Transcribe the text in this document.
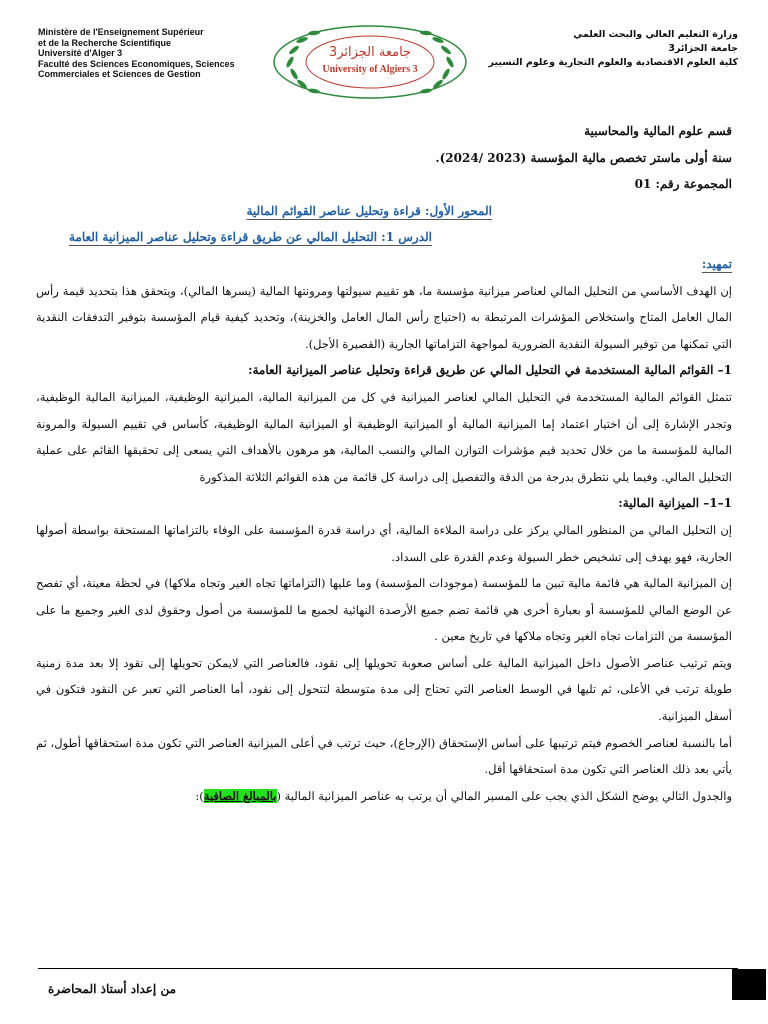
Ministère de l'Enseignement Supérieur
et de la Recherche Scientifique
Université d'Alger 3
Faculté des Sciences Economiques, Sciences
Commerciales et Sciences de Gestion
جامعة الجزائر3
University of Algiers 3
وزارة التعليم العالي والبحث العلمي
جامعة الجزائر3
كلية العلوم الاقتصادية والعلوم التجارية وعلوم التسيير
قسم علوم المالية والمحاسبية
سنة أولى ماستر تخصص مالية المؤسسة (2023 /2024).
المجموعة رقم: 01
المحور الأول: قراءة وتحليل عناصر القوائم المالية
الدرس 1: التحليل المالي عن طريق قراءة وتحليل عناصر الميزانية العامة
تمهيد:

إن الهدف الأساسي من التحليل المالي لعناصر ميزانية مؤسسة ما، هو تقييم سيولتها ومرونتها المالية (يسرها المالي)، ويتحقق هذا بتحديد قيمة رأس المال العامل المتاح واستخلاص المؤشرات المرتبطة به (احتياج رأس المال العامل والخزينة)، وتحديد كيفية قيام المؤسسة بتوفير التدفقات النقدية التي تمكنها من توفير السيولة النقدية الضرورية لمواجهة التزاماتها الجارية (القصيرة الأجل).

1– القوائم المالية المستخدمة في التحليل المالي عن طريق قراءة وتحليل عناصر الميزانية العامة:

تتمثل القوائم المالية المستخدمة في التحليل المالي لعناصر الميزانية في كل من الميزانية المالية، الميزانية الوظيفية، الميزانية المالية الوظيفية، وتجدر الإشارة إلى أن اختيار اعتماد إما الميزانية المالية أو الميزانية الوظيفية أو الميزانية المالية الوظيفية، كأساس في تقييم السيولة والمرونة المالية للمؤسسة ما من خلال تحديد قيم مؤشرات التوازن المالي والنسب المالية، هو مرهون بالأهداف التي يسعى إلى تحقيقها القائم على عملية التحليل المالي. وفيما يلي نتطرق بدرجة من الدقة والتفصيل إلى دراسة كل قائمة من هذه القوائم الثلاثة المذكورة

1–1– الميزانية المالية:

إن التحليل المالي من المنظور المالي يركز على دراسة الملاءة المالية، أي دراسة قدرة المؤسسة على الوفاء بالتزاماتها المستحقة بواسطة أصولها الجارية، فهو يهدف إلى تشخيص خطر السيولة وعدم القدرة على السداد.

إن الميزانية المالية هي قائمة مالية تبين ما للمؤسسة (موجودات المؤسسة) وما عليها (التزاماتها تجاه الغير وتجاه ملاكها) في لحظة معينة، أي تفصح عن الوضع المالي للمؤسسة أو بعبارة أخرى هي قائمة تضم جميع الأرصدة النهائية لجميع ما للمؤسسة من أصول وحقوق لدى الغير وجميع ما على المؤسسة من التزامات تجاه الغير وتجاه ملاكها في تاريخ معين .

ويتم ترتيب عناصر الأصول داخل الميزانية المالية على أساس صعوبة تحويلها إلى نقود، فالعناصر التي لايمكن تحويلها إلى نقود إلا بعد مدة زمنية طويلة ترتب في الأعلى، ثم تليها في الوسط العناصر التي تحتاج إلى مدة متوسطة لتتحول إلى نقود، أما العناصر التي تعبر عن النقود فتكون في أسفل الميزانية.

أما بالنسبة لعناصر الخصوم فيتم ترتيبها على أساس الإستحقاق (الإرجاع)، حيث ترتب في أعلى الميزانية العناصر التي تكون مدة استحقاقها أطول، ثم يأتي بعد ذلك العناصر التي تكون مدة استحقاقها أقل.

والجدول التالي يوضح الشكل الذي يجب على المسير المالي أن يرتب به عناصر الميزانية المالية (بالمبالغ الصافية):

من إعداد أستاذ المحاضرة	1
